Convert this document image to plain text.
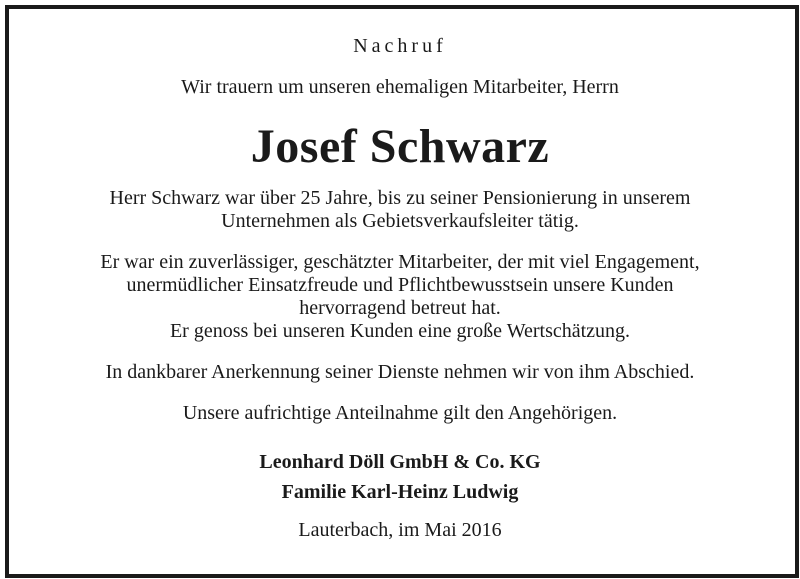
Nachruf
Wir trauern um unseren ehemaligen Mitarbeiter, Herrn
Josef Schwarz
Herr Schwarz war über 25 Jahre, bis zu seiner Pensionierung in unserem
Unternehmen als Gebietsverkaufsleiter tätig.
Er war ein zuverlässiger, geschätzter Mitarbeiter, der mit viel Engagement,
unermüdlicher Einsatzfreude und Pflichtbewusstsein unsere Kunden
hervorragend betreut hat.
Er genoss bei unseren Kunden eine große Wertschätzung.
In dankbarer Anerkennung seiner Dienste nehmen wir von ihm Abschied.
Unsere aufrichtige Anteilnahme gilt den Angehörigen.
Leonhard Döll GmbH & Co. KG
Familie Karl-Heinz Ludwig
Lauterbach, im Mai 2016
